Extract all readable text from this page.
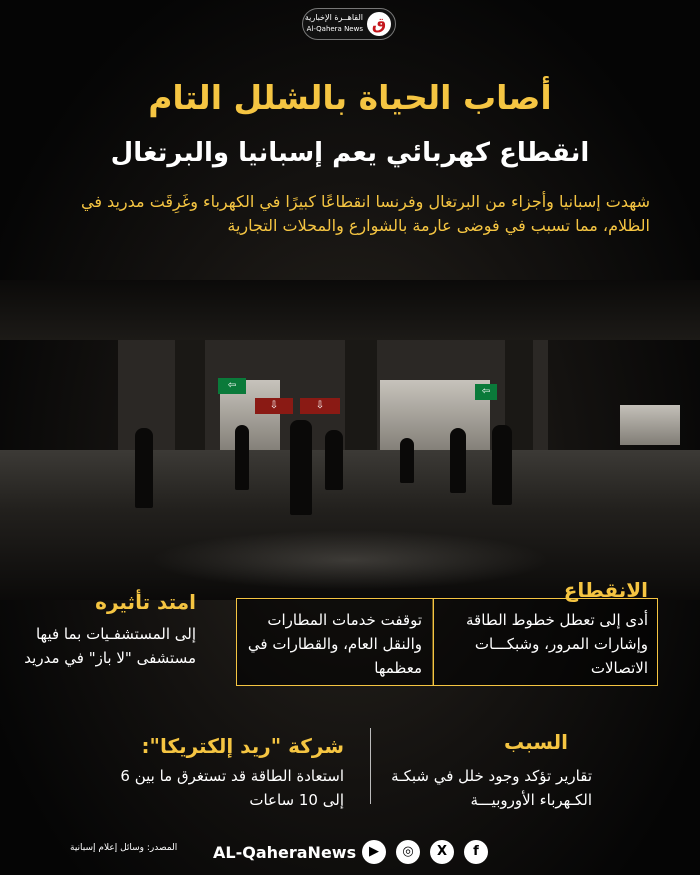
⇦
⇦
⇩	⇩
ق
القاهــرة الإخبارية
Al-Qahera News
أصاب الحياة بالشلل التام
انقطاع كهربائي يعم إسبانيا والبرتغال
شهدت إسبانيا وأجزاء من البرتغال وفرنسا انقطاعًا كبيرًا في الكهرباء وغَرِقَت مدريد في الظلام، مما تسبب في فوضى عارمة بالشوارع والمحلات التجارية
الانقطاع
أدى إلى تعطل خطوط الطاقة وإشارات المرور، وشبكـــات الاتصالات
توقفت خدمات المطارات والنقل العام، والقطارات في معظمها
امتد تأثيره
إلى المستشفـيات بما فيها مستشفى "لا باز" في مدريد
السبب
تقارير تؤكد وجود خلل في شبكـة الكـهرباء الأوروبيـــة
شركة "ريد إلكتريكا":
استعادة الطاقة قد تستغرق ما بين 6 إلى 10 ساعات
▶	◎	X	f
AL-QaheraNews
المصدر: وسائل إعلام إسبانية
